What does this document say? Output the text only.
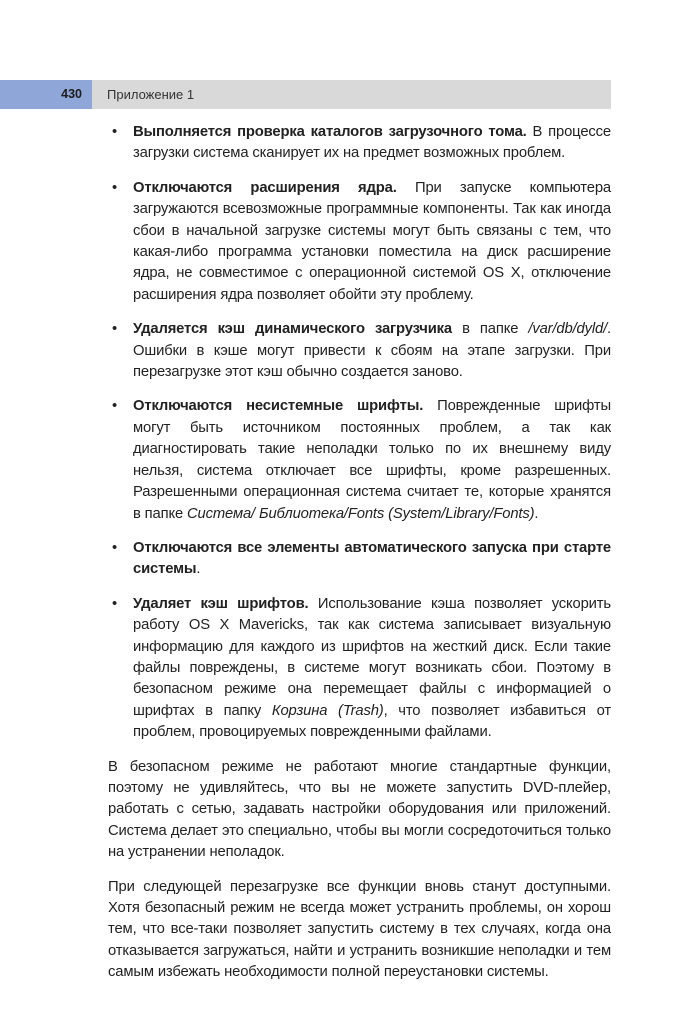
430	Приложение 1
• Выполняется проверка каталогов загрузочного тома. В процессе загрузки система сканирует их на предмет возможных проблем.
• Отключаются расширения ядра. При запуске компьютера загружаются всевозможные программные компоненты. Так как иногда сбои в начальной загрузке системы могут быть связаны с тем, что какая-либо программа установки поместила на диск расширение ядра, не совместимое с операционной системой OS X, отключение расширения ядра позволяет обойти эту проблему.
• Удаляется кэш динамического загрузчика в папке /var/db/dyld/. Ошибки в кэше могут привести к сбоям на этапе загрузки. При перезагрузке этот кэш обычно создается заново.
• Отключаются несистемные шрифты. Поврежденные шрифты могут быть источником постоянных проблем, а так как диагностировать такие неполадки только по их внешнему виду нельзя, система отключает все шрифты, кроме разрешенных. Разрешенными операционная система считает те, которые хранятся в папке Система/ Библиотека/Fonts (System/Library/Fonts).
• Отключаются все элементы автоматического запуска при старте системы.
• Удаляет кэш шрифтов. Использование кэша позволяет ускорить работу OS X Mavericks, так как система записывает визуальную информацию для каждого из шрифтов на жесткий диск. Если такие файлы повреждены, в системе могут возникать сбои. Поэтому в безопасном режиме она перемещает файлы с информацией о шрифтах в папку Корзина (Trash), что позволяет избавиться от проблем, провоцируемых поврежденными файлами.

В безопасном режиме не работают многие стандартные функции, поэтому не удивляйтесь, что вы не можете запустить DVD-плейер, работать с сетью, задавать настройки оборудования или приложений. Система делает это специально, чтобы вы могли сосредоточиться только на устранении неполадок.

При следующей перезагрузке все функции вновь станут доступными. Хотя безопасный режим не всегда может устранить проблемы, он хорош тем, что все-таки позволяет запустить систему в тех случаях, когда она отказывается загружаться, найти и устранить возникшие неполадки и тем самым избежать необходимости полной переустановки системы.
